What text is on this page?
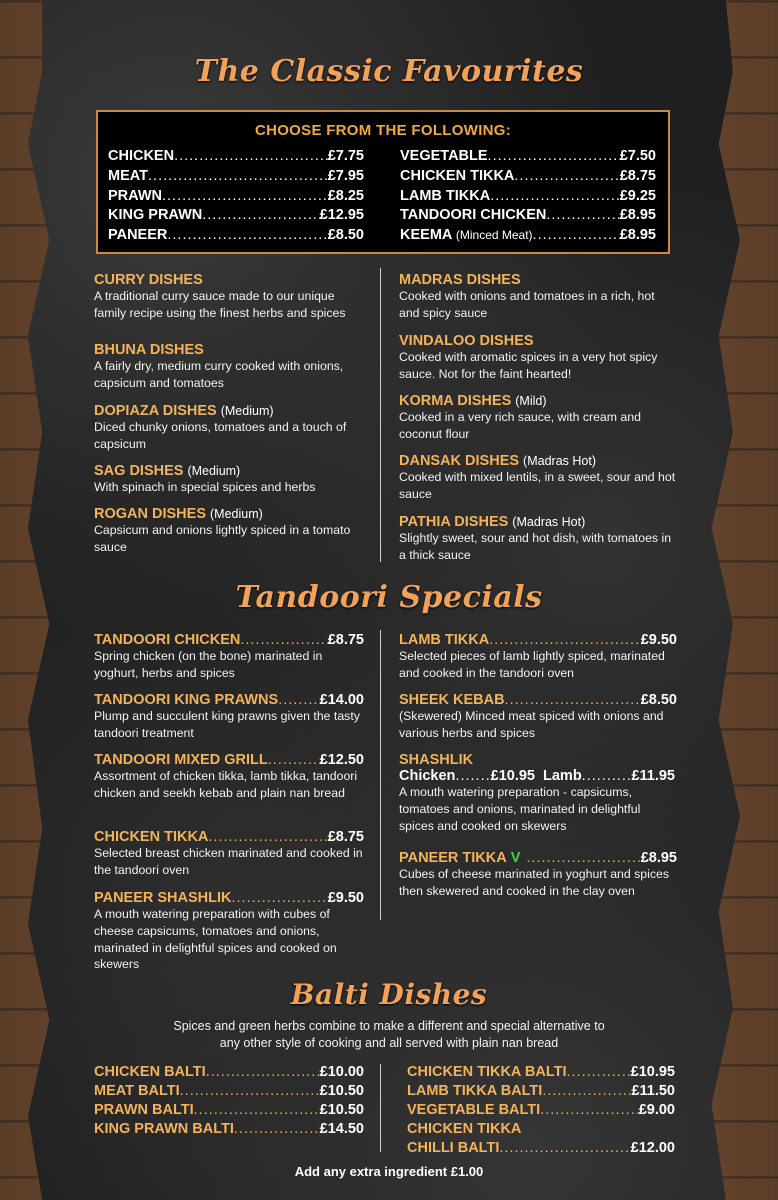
The Classic Favourites
CHOOSE FROM THE FOLLOWING:
CHICKEN .....	£7.75
MEAT .....	£7.95
PRAWN .....	£8.25
KING PRAWN .....	£12.95
PANEER .....	£8.50
VEGETABLE .....	£7.50
CHICKEN TIKKA .....	£8.75
LAMB TIKKA .....	£9.25
TANDOORI CHICKEN .....	£8.95
KEEMA (Minced Meat) .....	£8.95
CURRY DISHES
A traditional curry sauce made to our unique family recipe using the finest herbs and spices
BHUNA DISHES
A fairly dry, medium curry cooked with onions, capsicum and tomatoes
DOPIAZA DISHES (Medium)
Diced chunky onions, tomatoes and a touch of capsicum
SAG DISHES (Medium)
With spinach in special spices and herbs
ROGAN DISHES (Medium)
Capsicum and onions lightly spiced in a tomato sauce
MADRAS DISHES
Cooked with onions and tomatoes in a rich, hot and spicy sauce
VINDALOO DISHES
Cooked with aromatic spices in a very hot spicy sauce. Not for the faint hearted!
KORMA DISHES (Mild)
Cooked in a very rich sauce, with cream and coconut flour
DANSAK DISHES (Madras Hot)
Cooked with mixed lentils, in a sweet, sour and hot sauce
PATHIA DISHES (Madras Hot)
Slightly sweet, sour and hot dish, with tomatoes in a thick sauce
Tandoori Specials
TANDOORI CHICKEN .....	£8.75
Spring chicken (on the bone) marinated in yoghurt, herbs and spices
TANDOORI KING PRAWNS .....	£14.00
Plump and succulent king prawns given the tasty tandoori treatment
TANDOORI MIXED GRILL .....	£12.50
Assortment of chicken tikka, lamb tikka, tandoori chicken and seekh kebab and plain nan bread
CHICKEN TIKKA .....	£8.75
Selected breast chicken marinated and cooked in the tandoori oven
PANEER SHASHLIK .....	£9.50
A mouth watering preparation with cubes of cheese capsicums, tomatoes and onions, marinated in delightful spices and cooked on skewers
LAMB TIKKA .....	£9.50
Selected pieces of lamb lightly spiced, marinated and cooked in the tandoori oven
SHEEK KEBAB .....	£8.50
(Skewered) Minced meat spiced with onions and various herbs and spices
SHASHLIK
Chicken ..... £10.95 Lamb .....	£11.95
A mouth watering preparation - capsicums, tomatoes and onions, marinated in delightful spices and cooked on skewers
PANEER TIKKA V .....	£8.95
Cubes of cheese marinated in yoghurt and spices then skewered and cooked in the clay oven
Balti Dishes
Spices and green herbs combine to make a different and special alternative to any other style of cooking and all served with plain nan bread
CHICKEN BALTI .....	£10.00
MEAT BALTI .....	£10.50
PRAWN BALTI .....	£10.50
KING PRAWN BALTI .....	£14.50
CHICKEN TIKKA BALTI .....	£10.95
LAMB TIKKA BALTI .....	£11.50
VEGETABLE BALTI .....	£9.00
CHICKEN TIKKA
CHILLI BALTI .....	£12.00
Add any extra ingredient £1.00
